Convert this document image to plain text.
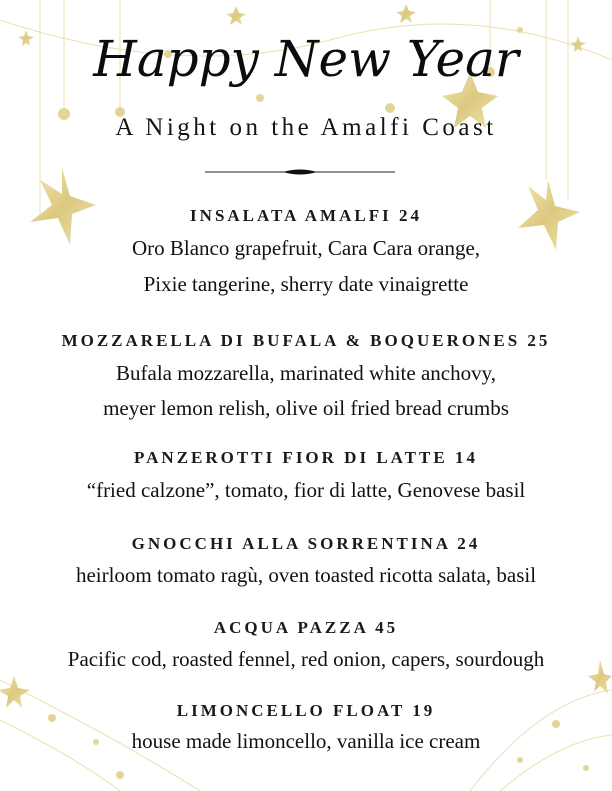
Happy New Year
A Night on the Amalfi Coast
INSALATA AMALFI 24
Oro Blanco grapefruit, Cara Cara orange,
Pixie tangerine, sherry date vinaigrette
MOZZARELLA DI BUFALA & BOQUERONES 25
Bufala mozzarella, marinated white anchovy,
meyer lemon relish, olive oil fried bread crumbs
PANZEROTTI FIOR DI LATTE 14
“fried calzone”, tomato, fior di latte, Genovese basil
GNOCCHI ALLA SORRENTINA 24
heirloom tomato ragù, oven toasted ricotta salata, basil
ACQUA PAZZA 45
Pacific cod, roasted fennel, red onion, capers, sourdough
LIMONCELLO FLOAT 19
house made limoncello, vanilla ice cream
